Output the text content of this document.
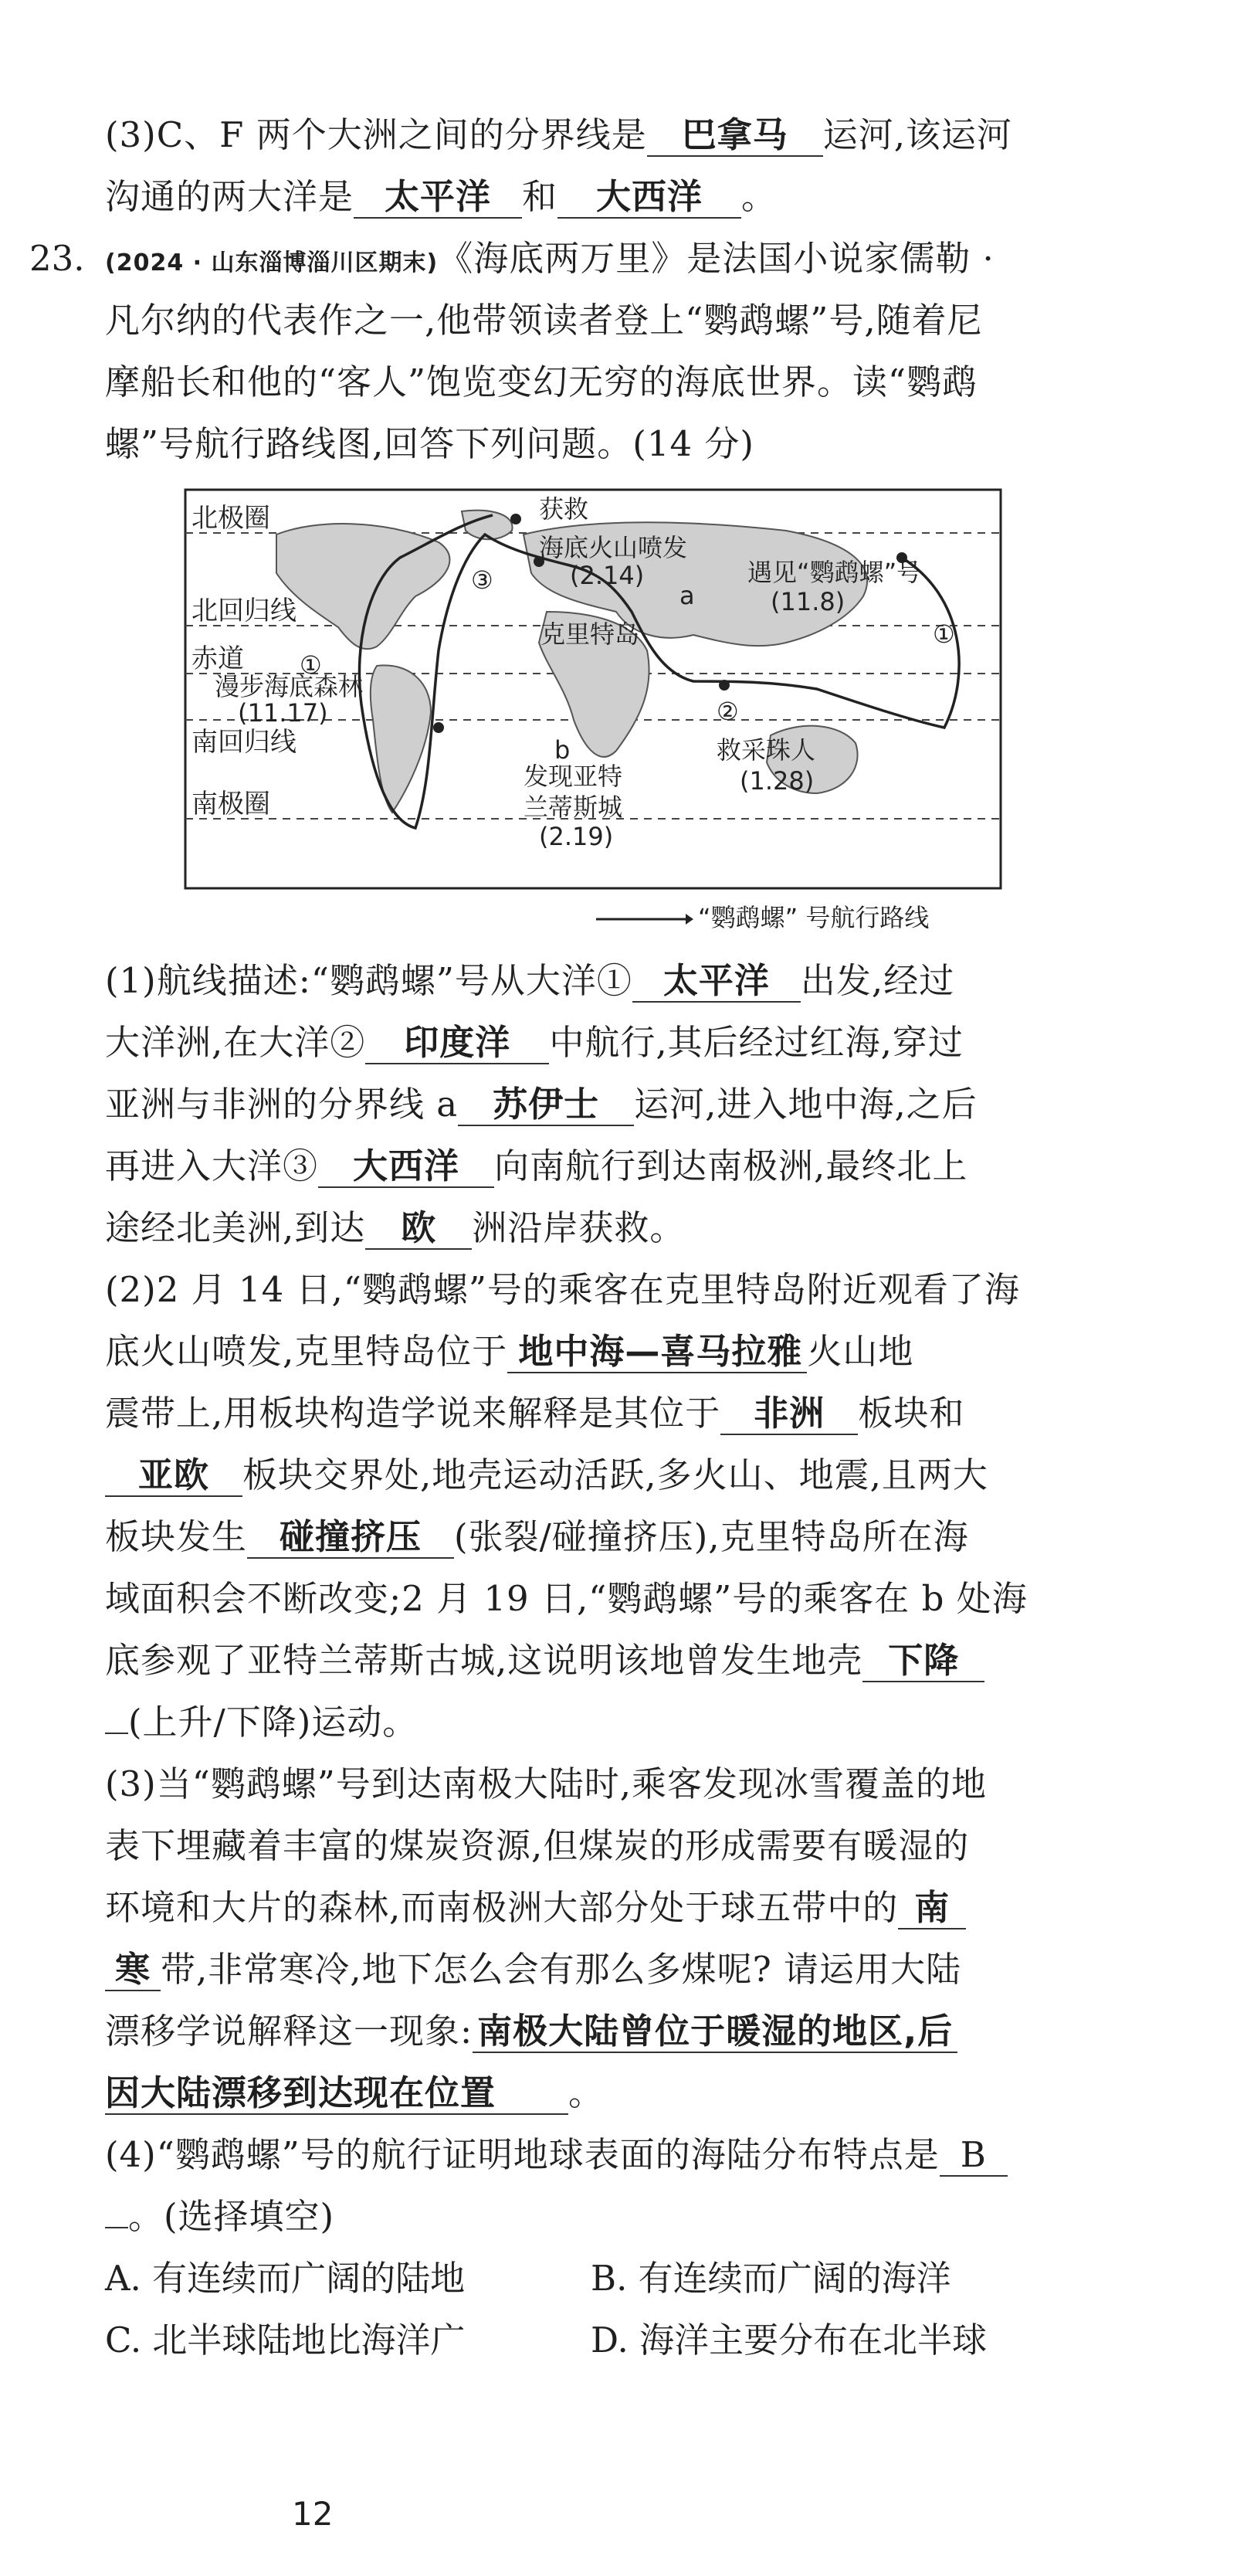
(3)C、F 两个大洲之间的分界线是 巴拿马 运河,该运河
沟通的两大洋是 太平洋 和 大西洋 。
23. (2024 · 山东淄博淄川区期末)《海底两万里》是法国小说家儒勒 ·
凡尔纳的代表作之一,他带领读者登上“鹦鹉螺”号,随着尼
摩船长和他的“客人”饱览变幻无穷的海底世界。读“鹦鹉
螺”号航行路线图,回答下列问题。(14 分)
北极圈
北回归线
赤道
南回归线
南极圈
获救
海底火山喷发
(2.14)	遇见“鹦鹉螺”号
(11.8)
克里特岛
漫步海底森林
(11.17)
救采珠人
(1.28)
发现亚特
兰蒂斯城
(2.19)
a
b
①
①
②
③
“鹦鹉螺” 号航行路线
(1)航线描述:“鹦鹉螺”号从大洋① 太平洋 出发,经过
大洋洲,在大洋② 印度洋 中航行,其后经过红海,穿过
亚洲与非洲的分界线 a 苏伊士 运河,进入地中海,之后
再进入大洋③ 大西洋 向南航行到达南极洲,最终北上
途经北美洲,到达 欧 洲沿岸获救。
(2)2 月 14 日,“鹦鹉螺”号的乘客在克里特岛附近观看了海
底火山喷发,克里特岛位于 地中海—喜马拉雅 火山地
震带上,用板块构造学说来解释是其位于 非洲 板块和
亚欧 板块交界处,地壳运动活跃,多火山、地震,且两大
板块发生 碰撞挤压 (张裂/碰撞挤压),克里特岛所在海
域面积会不断改变;2 月 19 日,“鹦鹉螺”号的乘客在 b 处海
底参观了亚特兰蒂斯古城,这说明该地曾发生地壳 下降
(上升/下降)运动。
(3)当“鹦鹉螺”号到达南极大陆时,乘客发现冰雪覆盖的地
表下埋藏着丰富的煤炭资源,但煤炭的形成需要有暖湿的
环境和大片的森林,而南极洲大部分处于球五带中的 南
寒 带,非常寒冷,地下怎么会有那么多煤呢? 请运用大陆
漂移学说解释这一现象: 南极大陆曾位于暖湿的地区,后
因大陆漂移到达现在位置 。
(4)“鹦鹉螺”号的航行证明地球表面的海陆分布特点是 B
。(选择填空)
A. 有连续而广阔的陆地	B. 有连续而广阔的海洋
C. 北半球陆地比海洋广	D. 海洋主要分布在北半球
12
